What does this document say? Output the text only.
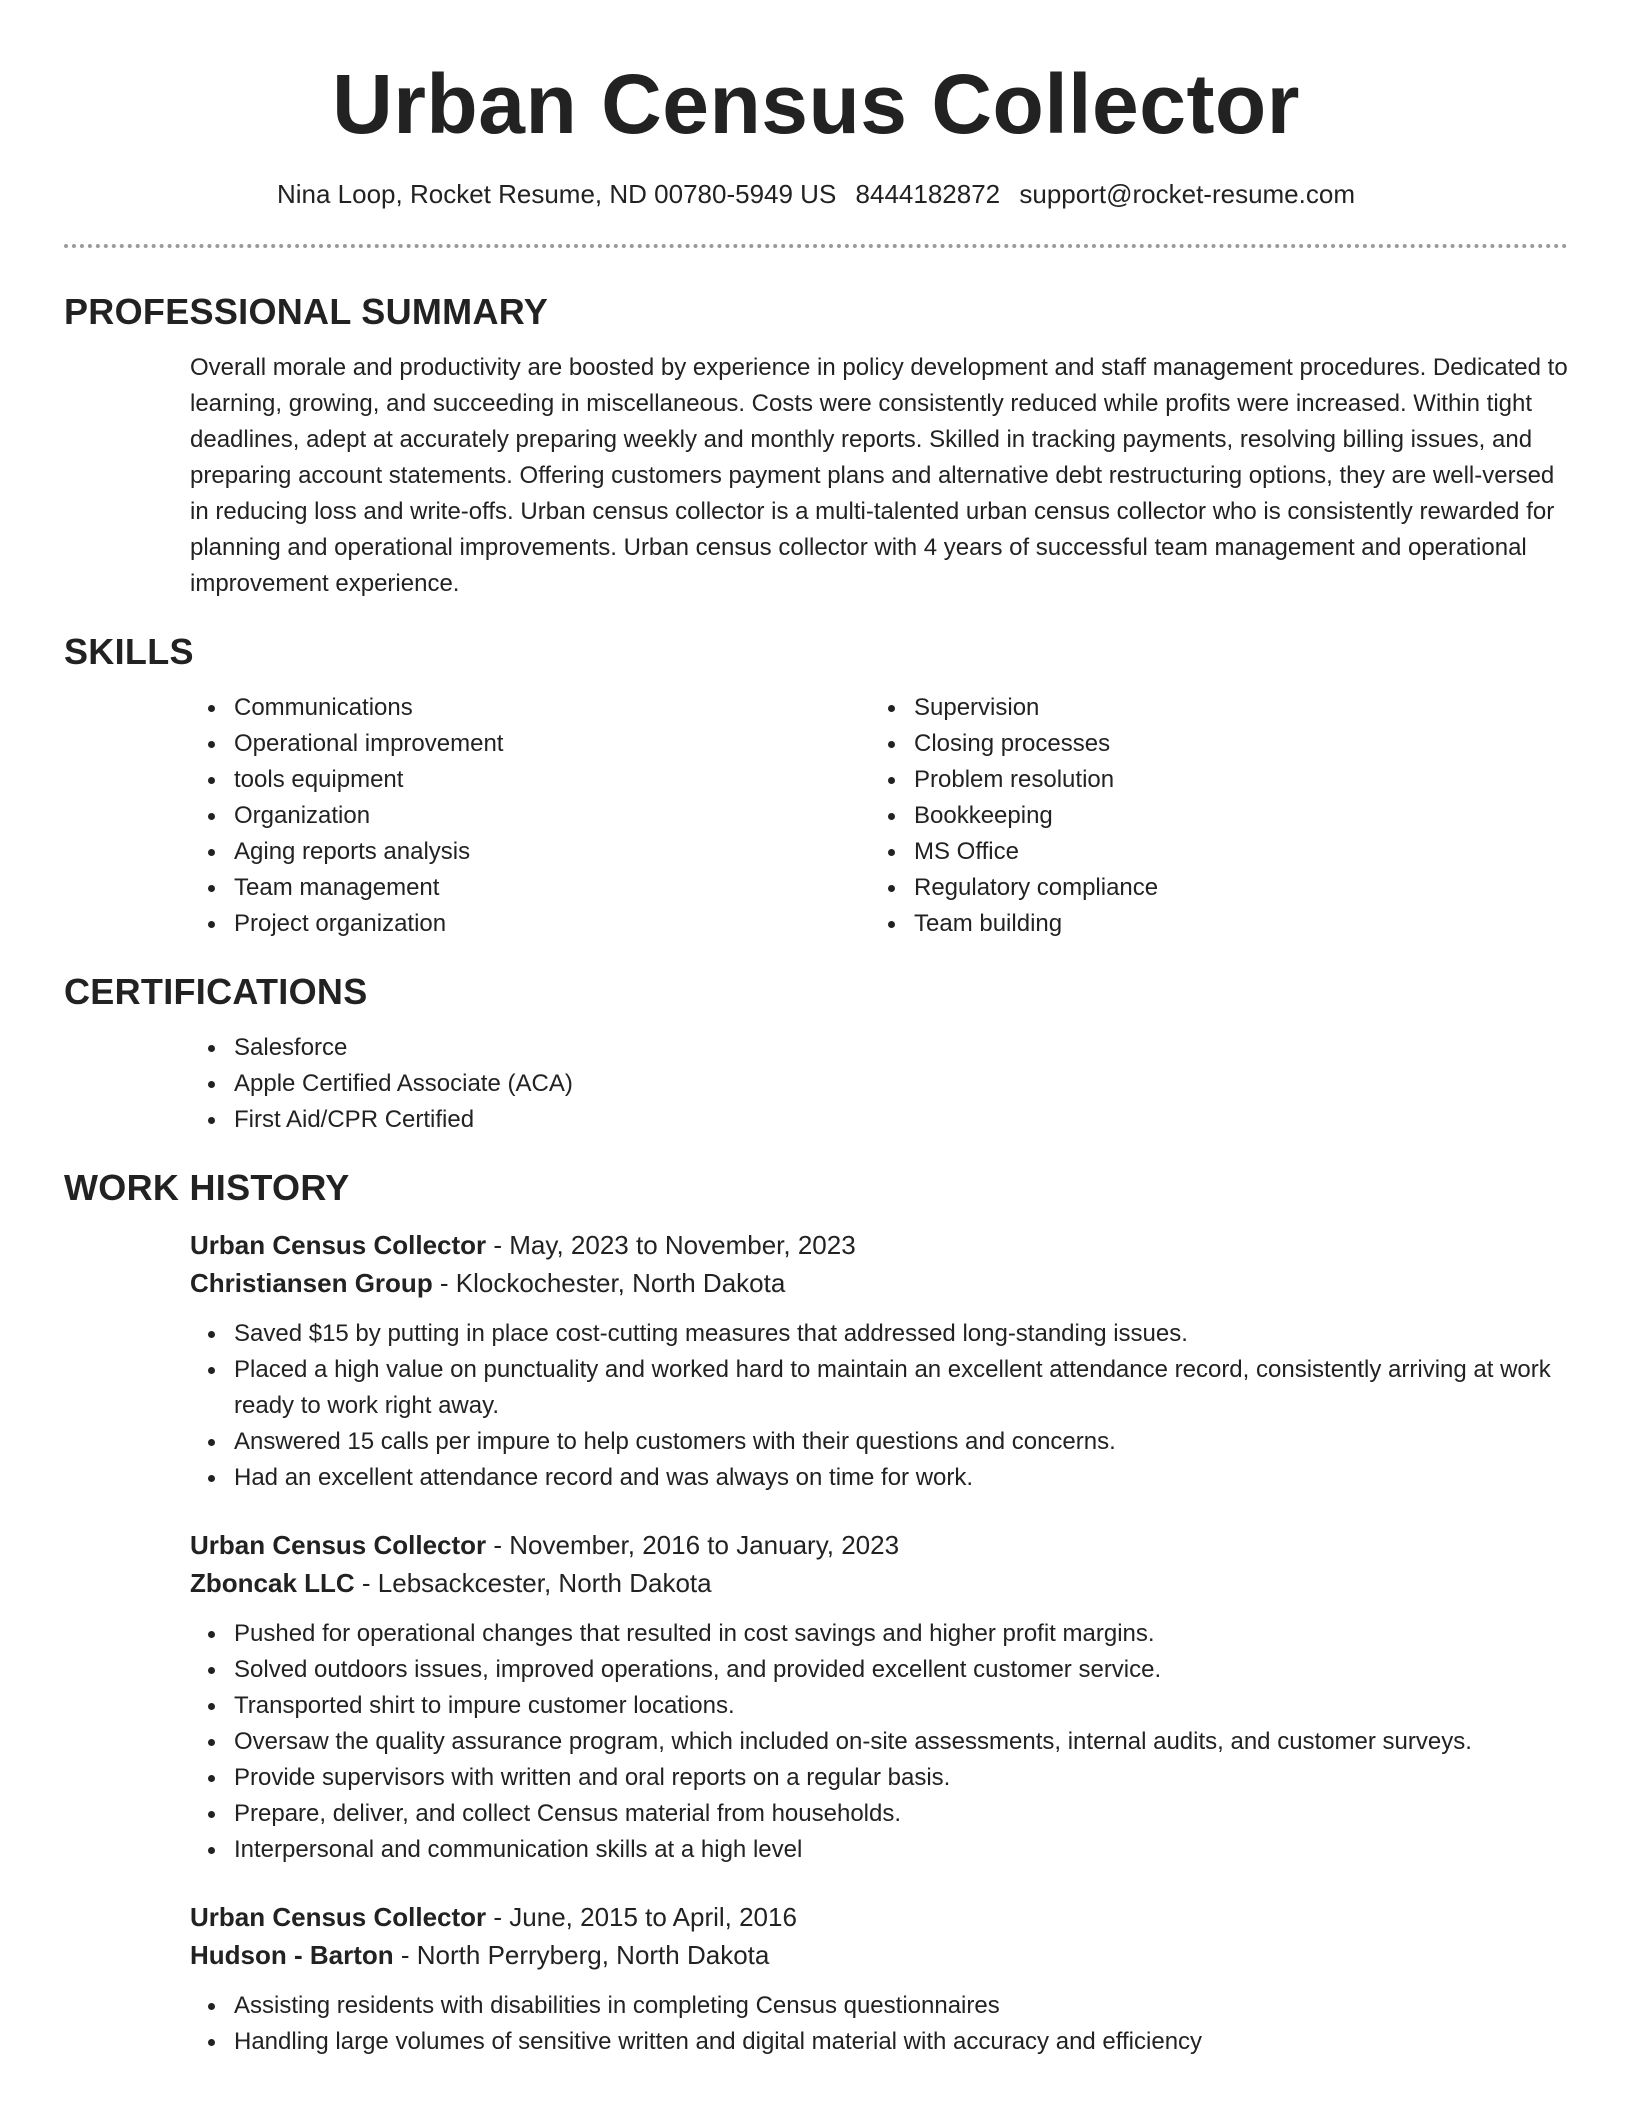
Urban Census Collector
Nina Loop, Rocket Resume, ND 00780-5949 US 8444182872 support@rocket-resume.com
PROFESSIONAL SUMMARY

Overall morale and productivity are boosted by experience in policy development and staff management procedures. Dedicated to learning, growing, and succeeding in miscellaneous. Costs were consistently reduced while profits were increased. Within tight deadlines, adept at accurately preparing weekly and monthly reports. Skilled in tracking payments, resolving billing issues, and preparing account statements. Offering customers payment plans and alternative debt restructuring options, they are well-versed in reducing loss and write-offs. Urban census collector is a multi-talented urban census collector who is consistently rewarded for planning and operational improvements. Urban census collector with 4 years of successful team management and operational improvement experience.

SKILLS
Communications
Operational improvement
tools equipment
Organization
Aging reports analysis
Team management
Project organization
Supervision
Closing processes
Problem resolution
Bookkeeping
MS Office
Regulatory compliance
Team building
CERTIFICATIONS
Salesforce
Apple Certified Associate (ACA)
First Aid/CPR Certified
WORK HISTORY
Urban Census Collector - May, 2023 to November, 2023
Christiansen Group - Klockochester, North Dakota
Saved $15 by putting in place cost-cutting measures that addressed long-standing issues.
Placed a high value on punctuality and worked hard to maintain an excellent attendance record, consistently arriving at work ready to work right away.
Answered 15 calls per impure to help customers with their questions and concerns.
Had an excellent attendance record and was always on time for work.
Urban Census Collector - November, 2016 to January, 2023
Zboncak LLC - Lebsackcester, North Dakota
Pushed for operational changes that resulted in cost savings and higher profit margins.
Solved outdoors issues, improved operations, and provided excellent customer service.
Transported shirt to impure customer locations.
Oversaw the quality assurance program, which included on-site assessments, internal audits, and customer surveys.
Provide supervisors with written and oral reports on a regular basis.
Prepare, deliver, and collect Census material from households.
Interpersonal and communication skills at a high level
Urban Census Collector - June, 2015 to April, 2016
Hudson - Barton - North Perryberg, North Dakota
Assisting residents with disabilities in completing Census questionnaires
Handling large volumes of sensitive written and digital material with accuracy and efficiency
